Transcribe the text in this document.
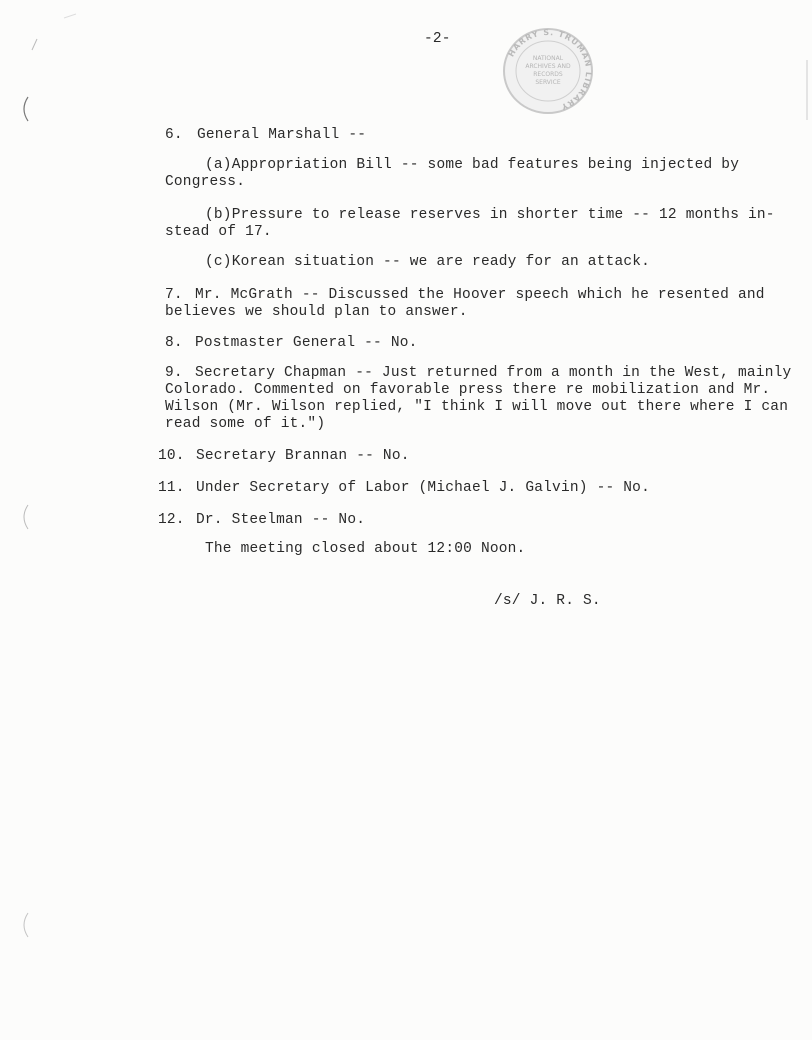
-2-
HARRY S. TRUMAN LIBRARY
NATIONAL
ARCHIVES AND
RECORDS
SERVICE
6. General Marshall --
(a)Appropriation Bill -- some bad features being injected by
Congress.
(b)Pressure to release reserves in shorter time -- 12 months in-
stead of 17.
(c)Korean situation -- we are ready for an attack.
7. Mr. McGrath -- Discussed the Hoover speech which he resented and
believes we should plan to answer.
8. Postmaster General -- No.
9. Secretary Chapman -- Just returned from a month in the West, mainly
Colorado. Commented on favorable press there re mobilization and Mr.
Wilson (Mr. Wilson replied, "I think I will move out there where I can
read some of it.")
10. Secretary Brannan -- No.
11. Under Secretary of Labor (Michael J. Galvin) -- No.
12. Dr. Steelman -- No.
The meeting closed about 12:00 Noon.
/s/ J. R. S.
